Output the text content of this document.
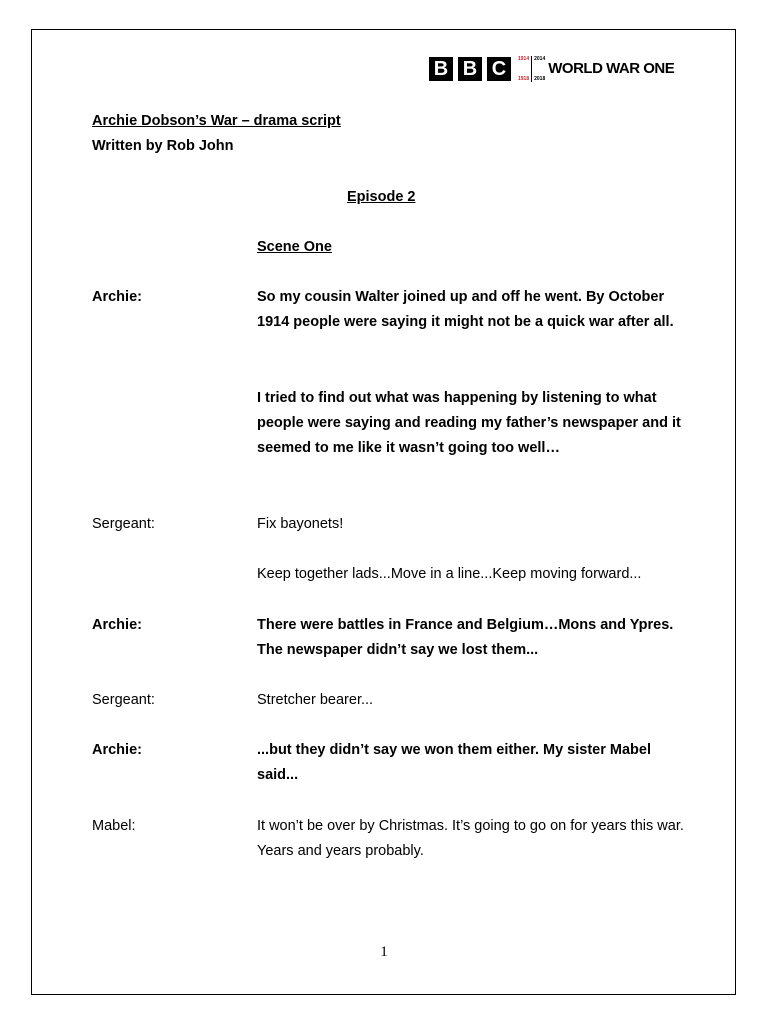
B B C	1914
1918
2014
2018
WORLD WAR ONE
Archie Dobson’s War – drama script
Written by Rob John
Episode 2
Scene One
Archie:	So my cousin Walter joined up and off he went. By October 1914 people were saying it might not be a quick war after all.
I tried to find out what was happening by listening to what people were saying and reading my father’s newspaper and it seemed to me like it wasn’t going too well…
Sergeant:	Fix bayonets!
Keep together lads...Move in a line...Keep moving forward...
Archie:	There were battles in France and Belgium…Mons and Ypres. The newspaper didn’t say we lost them...
Sergeant:	Stretcher bearer...
Archie:	...but they didn’t say we won them either. My sister Mabel said...
Mabel:	It won’t be over by Christmas. It’s going to go on for years this war. Years and years probably.
1
